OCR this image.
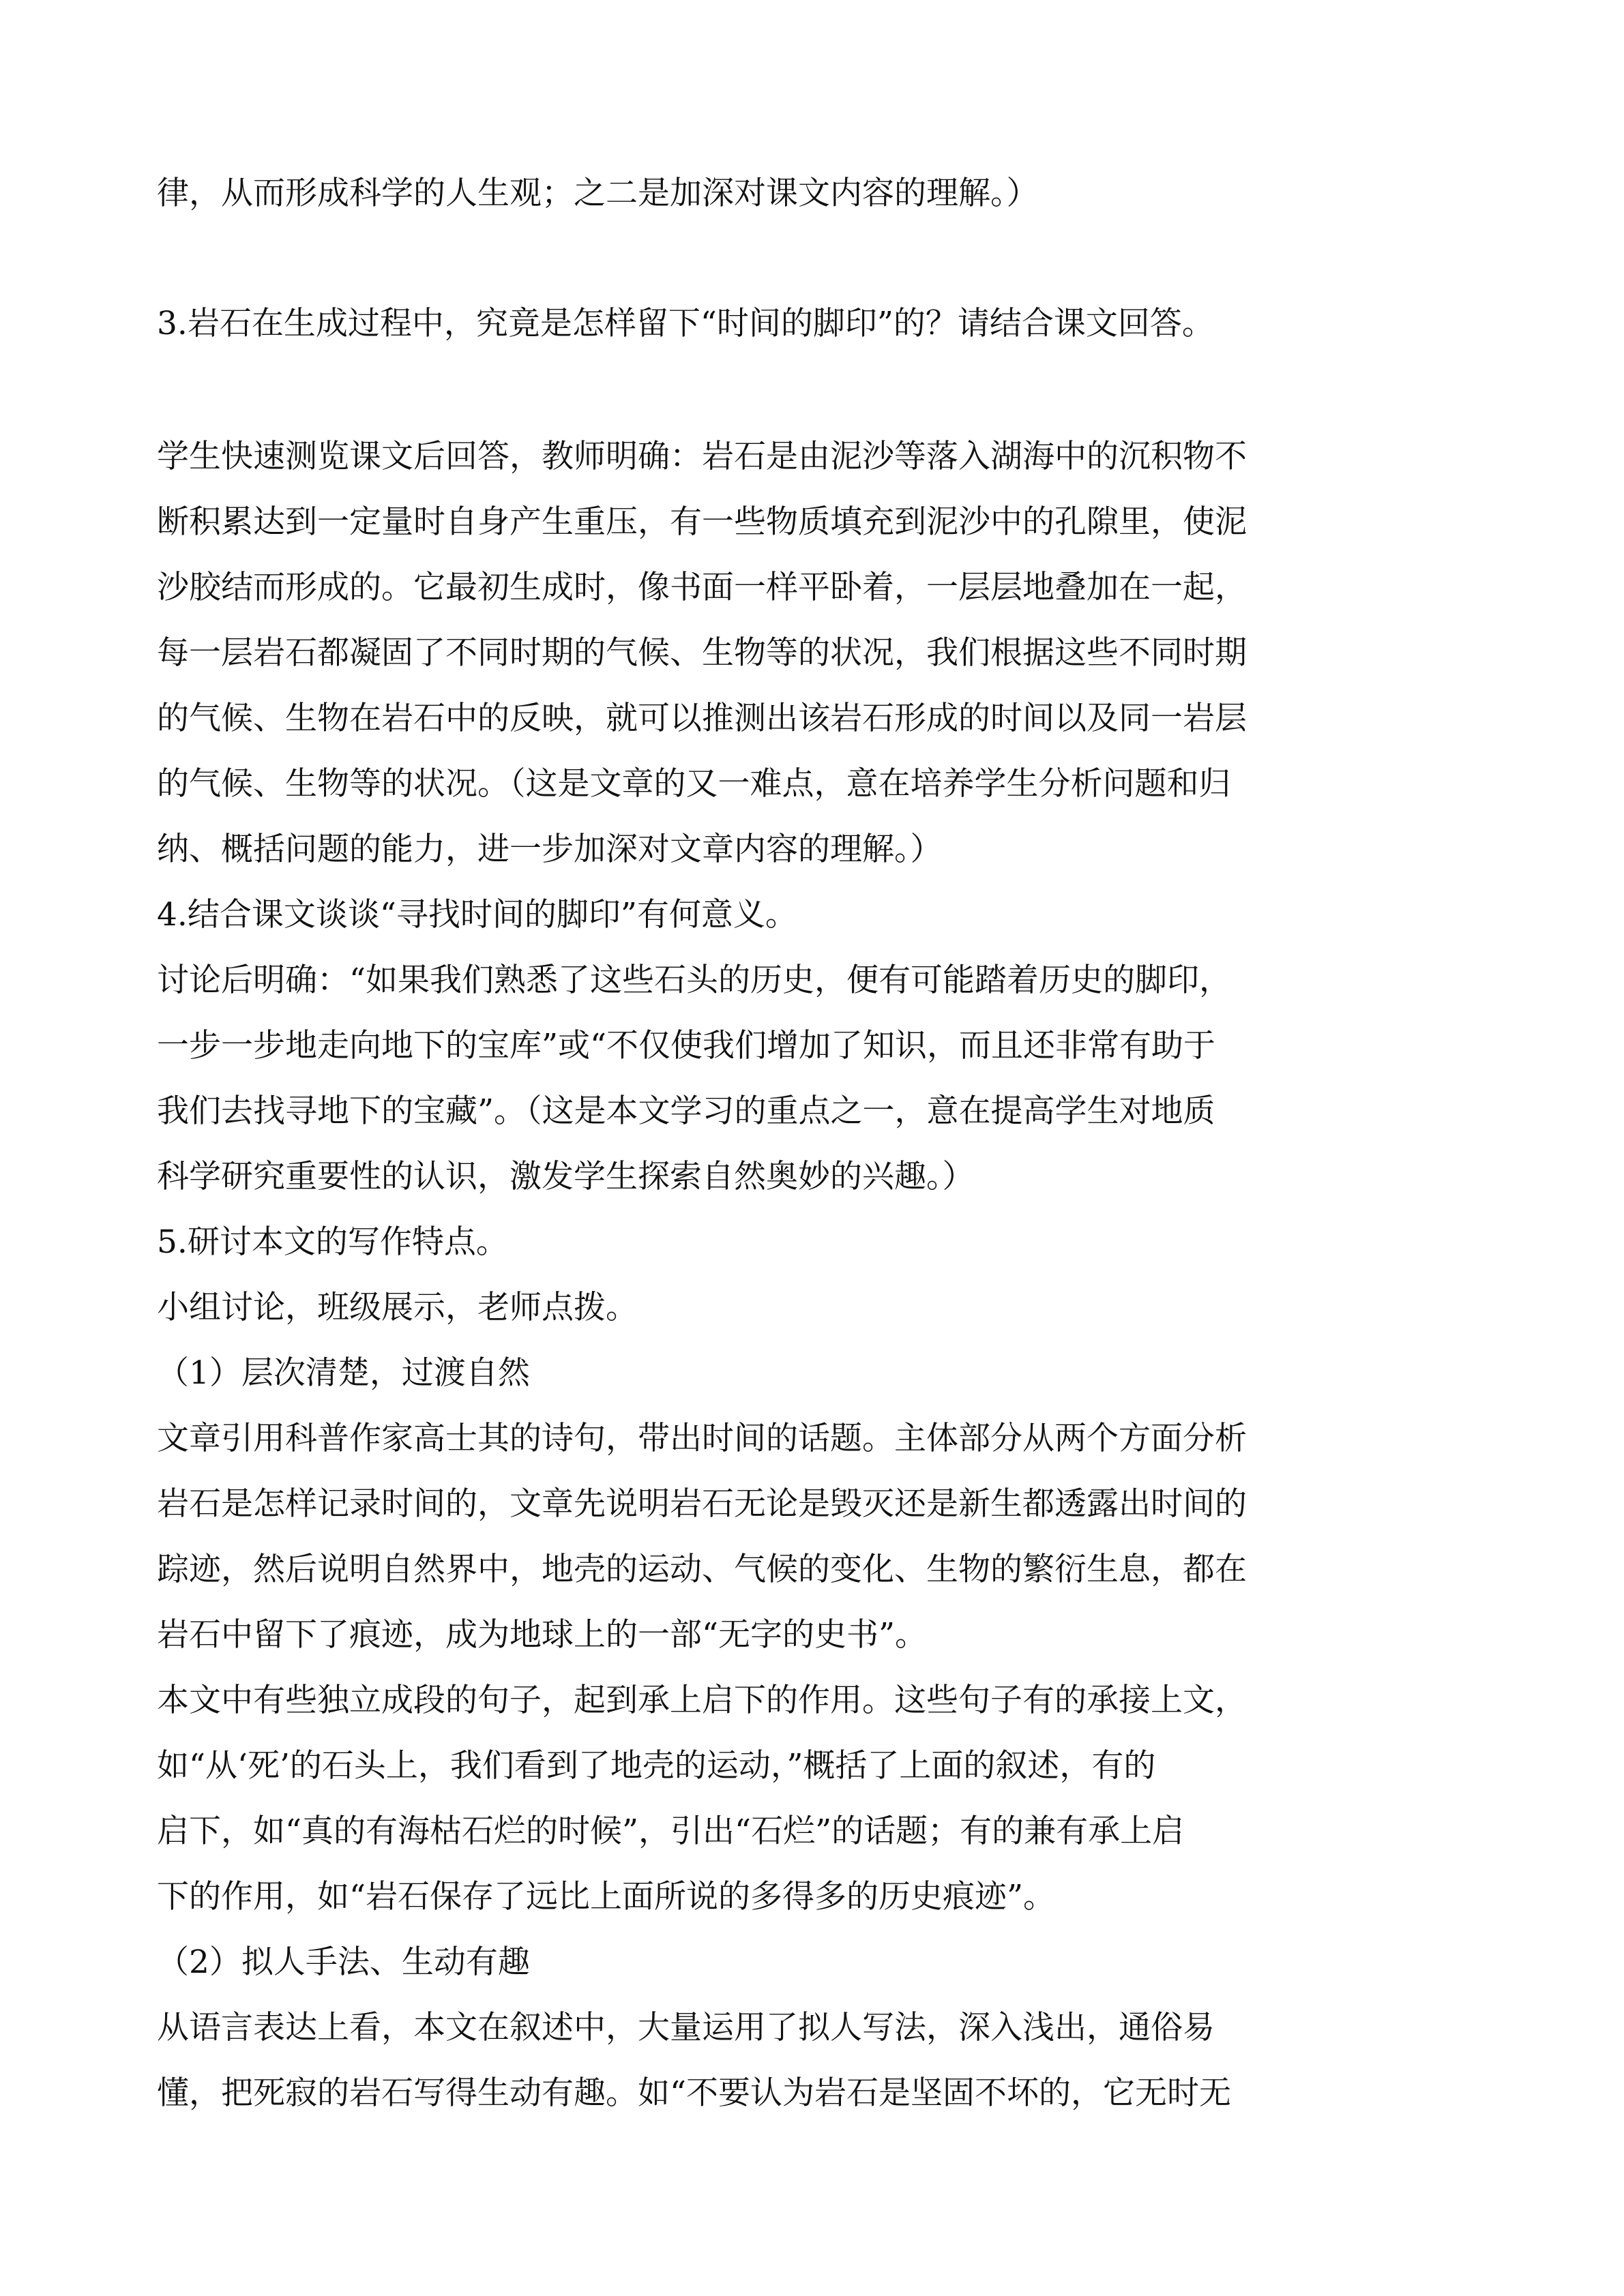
律，从而形成科学的人生观；之二是加深对课文内容的理解。）

3.岩石在生成过程中，究竟是怎样留下“时间的脚印”的？请结合课文回答。

学生快速测览课文后回答，教师明确：岩石是由泥沙等落入湖海中的沉积物不

断积累达到一定量时自身产生重压，有一些物质填充到泥沙中的孔隙里，使泥

沙胶结而形成的。它最初生成时，像书面一样平卧着，一层层地叠加在一起，

每一层岩石都凝固了不同时期的气候、生物等的状况，我们根据这些不同时期

的气候、生物在岩石中的反映，就可以推测出该岩石形成的时间以及同一岩层

的气候、生物等的状况。（这是文章的又一难点，意在培养学生分析问题和归

纳、概括问题的能力，进一步加深对文章内容的理解。）

4.结合课文谈谈“寻找时间的脚印”有何意义。

讨论后明确：“如果我们熟悉了这些石头的历史，便有可能踏着历史的脚印，

一步一步地走向地下的宝库”或“不仅使我们增加了知识，而且还非常有助于

我们去找寻地下的宝藏”。（这是本文学习的重点之一，意在提高学生对地质

科学研究重要性的认识，激发学生探索自然奥妙的兴趣。）

5.研讨本文的写作特点。

小组讨论，班级展示，老师点拨。

（1）层次清楚，过渡自然

文章引用科普作家高士其的诗句，带出时间的话题。主体部分从两个方面分析

岩石是怎样记录时间的，文章先说明岩石无论是毁灭还是新生都透露出时间的

踪迹，然后说明自然界中，地壳的运动、气候的变化、生物的繁衍生息，都在

岩石中留下了痕迹，成为地球上的一部“无字的史书”。

本文中有些独立成段的句子，起到承上启下的作用。这些句子有的承接上文，

如“从‘死’的石头上，我们看到了地壳的运动，”概括了上面的叙述，有的

启下，如“真的有海枯石烂的时候”，引出“石烂”的话题；有的兼有承上启

下的作用，如“岩石保存了远比上面所说的多得多的历史痕迹”。

（2）拟人手法、生动有趣

从语言表达上看，本文在叙述中，大量运用了拟人写法，深入浅出，通俗易

懂，把死寂的岩石写得生动有趣。如“不要认为岩石是坚固不坏的，它无时无
